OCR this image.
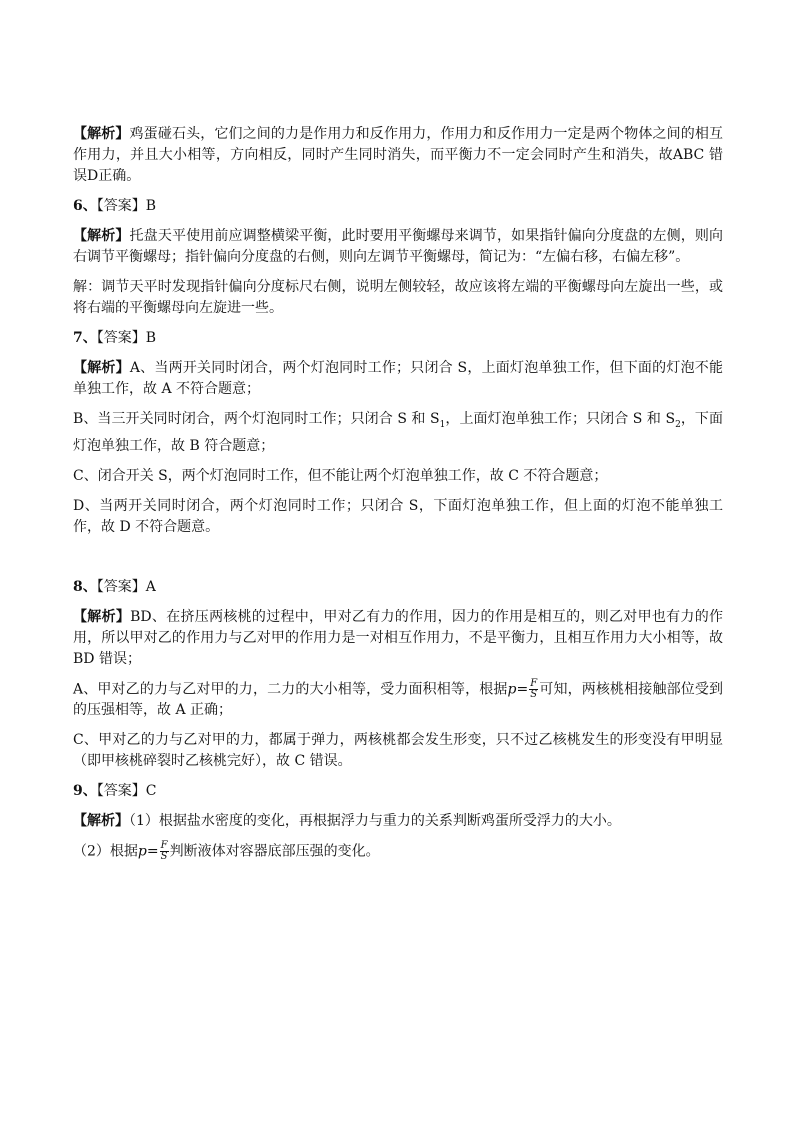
【解析】鸡蛋碰石头，它们之间的力是作用力和反作用力，作用力和反作用力一定是两个物体之间的相互作用力，并且大小相等，方向相反，同时产生同时消失，而平衡力不一定会同时产生和消失，故ABC 错误D正确。

6、【答案】B

【解析】托盘天平使用前应调整横梁平衡，此时要用平衡螺母来调节，如果指针偏向分度盘的左侧，则向右调节平衡螺母；指针偏向分度盘的右侧，则向左调节平衡螺母，简记为：“左偏右移，右偏左移”。

解：调节天平时发现指针偏向分度标尺右侧，说明左侧较轻，故应该将左端的平衡螺母向左旋出一些，或将右端的平衡螺母向左旋进一些。

7、【答案】B

【解析】A、当两开关同时闭合，两个灯泡同时工作；只闭合 S，上面灯泡单独工作，但下面的灯泡不能单独工作，故 A 不符合题意；

B、当三开关同时闭合，两个灯泡同时工作；只闭合 S 和 $S_1$，上面灯泡单独工作；只闭合 S 和 $S_2$，下面灯泡单独工作，故 B 符合题意；

C、闭合开关 S，两个灯泡同时工作，但不能让两个灯泡单独工作，故 C 不符合题意；

D、当两开关同时闭合，两个灯泡同时工作；只闭合 S，下面灯泡单独工作，但上面的灯泡不能单独工作，故 D 不符合题意。

8、【答案】A

【解析】BD、在挤压两核桃的过程中，甲对乙有力的作用，因力的作用是相互的，则乙对甲也有力的作用，所以甲对乙的作用力与乙对甲的作用力是一对相互作用力，不是平衡力，且相互作用力大小相等，故 BD 错误；

A、甲对乙的力与乙对甲的力，二力的大小相等，受力面积相等，根据$p= \frac{F}{S}$ 可知，两核桃相接触部位受到的压强相等，故 A 正确；

C、甲对乙的力与乙对甲的力，都属于弹力，两核桃都会发生形变，只不过乙核桃发生的形变没有甲明显（即甲核桃碎裂时乙核桃完好），故 C 错误。

9、【答案】C

【解析】（1）根据盐水密度的变化，再根据浮力与重力的关系判断鸡蛋所受浮力的大小。

（2）根据$p= \frac{F}{S}$ 判断液体对容器底部压强的变化。
